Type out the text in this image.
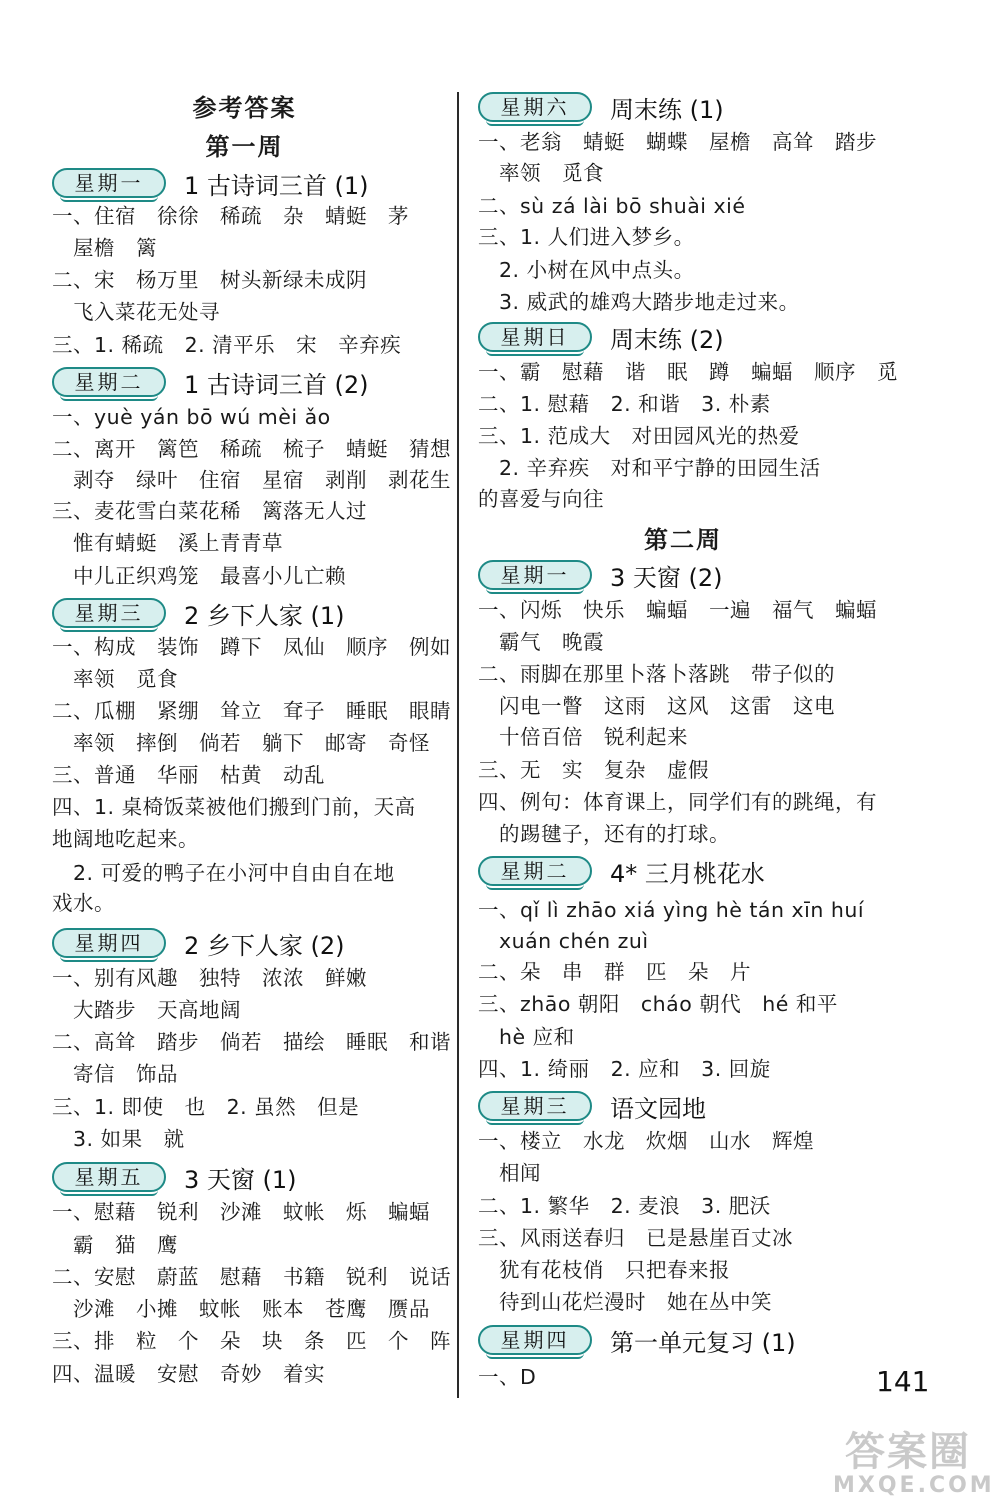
参考答案
第一周
星期一	1 古诗词三首 (1)
一、住宿　徐徐　稀疏　杂　蜻蜓　茅
　屋檐　篱
二、宋　杨万里　树头新绿未成阴
　飞入菜花无处寻
三、1. 稀疏　2. 清平乐　宋　辛弃疾
星期二	1 古诗词三首 (2)
一、yuè yán bō wú mèi ǎo
二、离开　篱笆　稀疏　梳子　蜻蜓　猜想
　剥夺　绿叶　住宿　星宿　剥削　剥花生
三、麦花雪白菜花稀　篱落无人过
　惟有蜻蜓　溪上青青草
　中儿正织鸡笼　最喜小儿亡赖
星期三	2 乡下人家 (1)
一、构成　装饰　蹲下　凤仙　顺序　例如
　率领　觅食
二、瓜棚　紧绷　耸立　耷子　睡眠　眼睛
　率领　摔倒　倘若　躺下　邮寄　奇怪
三、普通　华丽　枯黄　动乱
四、1. 桌椅饭菜被他们搬到门前，天高
地阔地吃起来。
　2. 可爱的鸭子在小河中自由自在地
戏水。
星期四	2 乡下人家 (2)
一、别有风趣　独特　浓浓　鲜嫩
　大踏步　天高地阔
二、高耸　踏步　倘若　描绘　睡眠　和谐
　寄信　饰品
三、1. 即使　也　2. 虽然　但是
　3. 如果　就
星期五	3 天窗 (1)
一、慰藉　锐利　沙滩　蚊帐　烁　蝙蝠
　霸　猫　鹰
二、安慰　蔚蓝　慰藉　书籍　锐利　说话
　沙滩　小摊　蚊帐　账本　苍鹰　赝品
三、排　粒　个　朵　块　条　匹　个　阵
四、温暖　安慰　奇妙　着实
星期六	周末练 (1)
一、老翁　蜻蜓　蝴蝶　屋檐　高耸　踏步
　率领　觅食
二、sù zá lài bō shuài xié
三、1. 人们进入梦乡。
　2. 小树在风中点头。
　3. 威武的雄鸡大踏步地走过来。
星期日	周末练 (2)
一、霸　慰藉　谐　眠　蹲　蝙蝠　顺序　觅
二、1. 慰藉　2. 和谐　3. 朴素
三、1. 范成大　对田园风光的热爱
　2. 辛弃疾　对和平宁静的田园生活
的喜爱与向往
第二周
星期一	3 天窗 (2)
一、闪烁　快乐　蝙蝠　一遍　福气　蝙蝠
　霸气　晚霞
二、雨脚在那里卜落卜落跳　带子似的
　闪电一瞥　这雨　这风　这雷　这电
　十倍百倍　锐利起来
三、无　实　复杂　虚假
四、例句：体育课上，同学们有的跳绳，有
　的踢毽子，还有的打球。
星期二	4* 三月桃花水
一、qǐ lì zhāo xiá yìng hè tán xīn huí
　xuán chén zuì
二、朵　串　群　匹　朵　片
三、zhāo 朝阳　cháo 朝代　hé 和平
　hè 应和
四、1. 绮丽　2. 应和　3. 回旋
星期三	语文园地
一、楼立　水龙　炊烟　山水　辉煌
　相闻
二、1. 繁华　2. 麦浪　3. 肥沃
三、风雨送春归　已是悬崖百丈冰
　犹有花枝俏　只把春来报
　待到山花烂漫时　她在丛中笑
星期四	第一单元复习 (1)
一、D	141
答案圈
MXQE.COM
